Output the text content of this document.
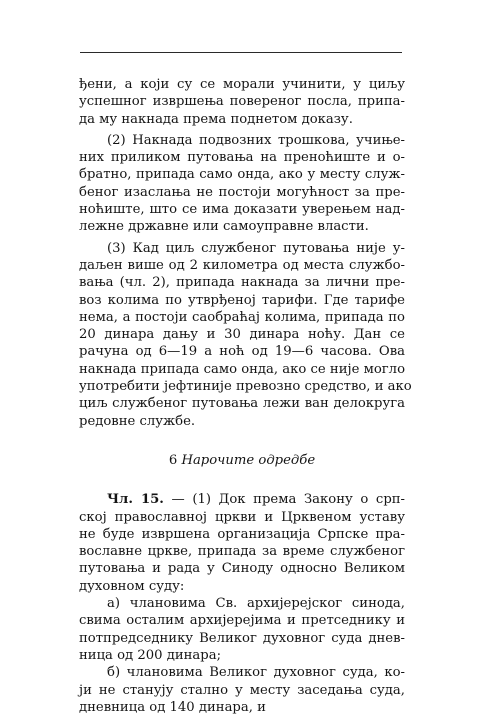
ђени, а који су се морали учинити, у циљу
успешног извршења повереног посла, припа-
да му накнада према поднетом доказу.
(2) Накнада подвозних трошкова, учиње-
них приликом путовања на преноћиште и о-
братно, припада само онда, ако у месту служ-
беног изаслања не постоји могућност за пре-
ноћиште, што се има доказати уверењем над-
лежне државне или самоуправне власти.
(3) Кад циљ службеног путовања није у-
даљен више од 2 километра од места службо-
вања (чл. 2), припада накнада за лични пре-
воз колима по утврђеној тарифи. Где тарифе
нема, а постоји саобраћај колима, припада по
20 динара дању и 30 динара ноћу. Дан се
рачуна од 6—19 а ноћ од 19—6 часова. Ова
накнада припада само онда, ако се није могло
употребити јефтиније превозно средство, и ако
циљ службеног путовања лежи ван делокруга
редовне службе.
6 Нарочите одредбе
Чл. 15. — (1) Док према Закону о срп-
ској православној цркви и Црквеном уставу
не буде извршена организација Српске пра-
вославне цркве, припада за време службеног
путовања и рада у Синоду односно Великом
духовном суду:
а) члановима Св. архијерејског синода,
свима осталим архијерејима и претседнику и
потпредседнику Великог духовног суда днев-
ница од 200 динара;
б) члановима Великог духовног суда, ко-
ји не станују стално у месту заседања суда,
дневница од 140 динара, и
